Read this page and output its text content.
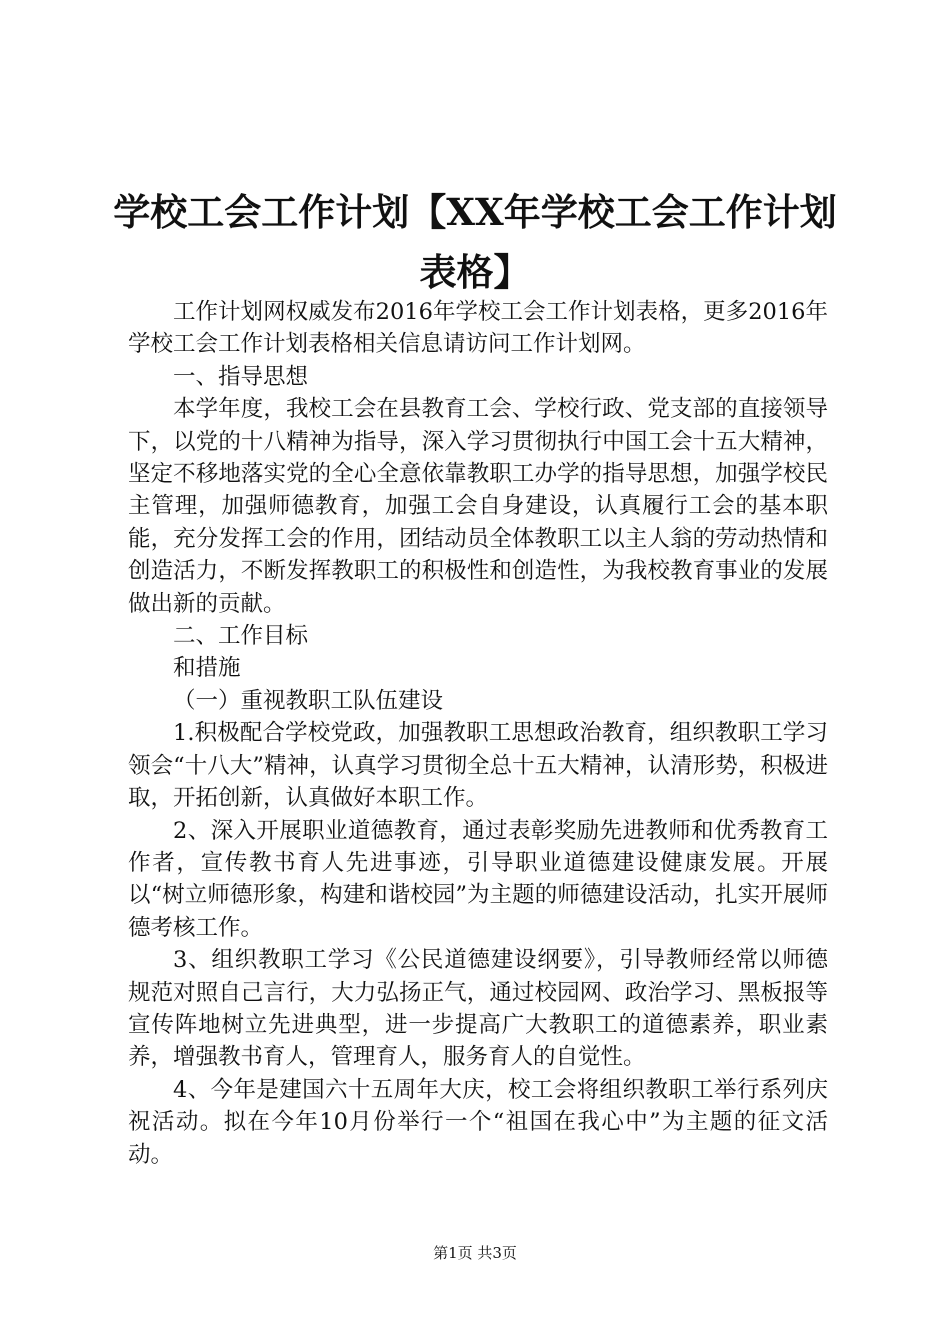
学校工会工作计划【XX年学校工会工作计划
表格】

工作计划网权威发布2016年学校工会工作计划表格，更多2016年学校工会工作计划表格相关信息请访问工作计划网。

一、指导思想

本学年度，我校工会在县教育工会、学校行政、党支部的直接领导下，以党的十八精神为指导，深入学习贯彻执行中国工会十五大精神，坚定不移地落实党的全心全意依靠教职工办学的指导思想，加强学校民主管理，加强师德教育，加强工会自身建设，认真履行工会的基本职能，充分发挥工会的作用，团结动员全体教职工以主人翁的劳动热情和创造活力，不断发挥教职工的积极性和创造性，为我校教育事业的发展做出新的贡献。

二、工作目标

和措施

（一）重视教职工队伍建设

1.积极配合学校党政，加强教职工思想政治教育，组织教职工学习领会“十八大”精神，认真学习贯彻全总十五大精神，认清形势，积极进取，开拓创新，认真做好本职工作。

2、深入开展职业道德教育，通过表彰奖励先进教师和优秀教育工作者，宣传教书育人先进事迹，引导职业道德建设健康发展。开展以“树立师德形象，构建和谐校园”为主题的师德建设活动，扎实开展师德考核工作。

3、组织教职工学习《公民道德建设纲要》，引导教师经常以师德规范对照自己言行，大力弘扬正气，通过校园网、政治学习、黑板报等宣传阵地树立先进典型，进一步提高广大教职工的道德素养，职业素养，增强教书育人，管理育人，服务育人的自觉性。

4、今年是建国六十五周年大庆，校工会将组织教职工举行系列庆祝活动。拟在今年10月份举行一个“祖国在我心中”为主题的征文活动。

第1页 共3页
